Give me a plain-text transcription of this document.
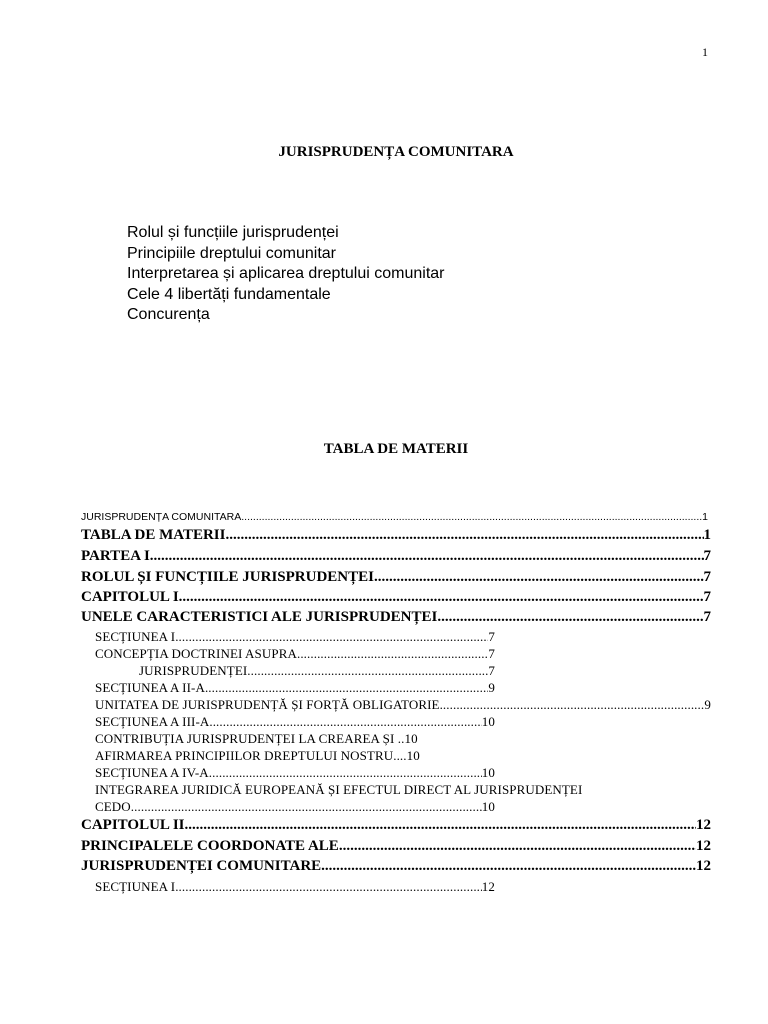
1
JURISPRUDENȚA COMUNITARA
Rolul și funcțiile jurisprudenței
Principiile dreptului comunitar
Interpretarea și aplicarea dreptului comunitar
Cele 4 libertăți fundamentale
Concurența
TABLA DE MATERII
JURISPRUDENȚA COMUNITARA .....	1
TABLA DE MATERII .....	1
PARTEA I .....	7
ROLUL ȘI FUNCȚIILE JURISPRUDENȚEI .....	7
CAPITOLUL I .....	7
UNELE CARACTERISTICI ALE JURISPRUDENȚEI .....	7
SECȚIUNEA I .....	7
CONCEPȚIA DOCTRINEI ASUPRA .....	7
JURISPRUDENȚEI .....	7
SECȚIUNEA A II-A .....	9
UNITATEA DE JURISPRUDENȚĂ ȘI FORȚĂ OBLIGATORIE .....	9
SECȚIUNEA A III-A .....	10
CONTRIBUȚIA JURISPRUDENȚEI LA CREAREA ȘI .. 10
AFIRMAREA PRINCIPIILOR DREPTULUI NOSTRU.... 10
SECȚIUNEA A IV-A .....	10
INTEGRAREA JURIDICĂ EUROPEANĂ ȘI EFECTUL DIRECT AL JURISPRUDENȚEI
CEDO .....	10
CAPITOLUL II .....	12
PRINCIPALELE COORDONATE ALE .....	12
JURISPRUDENȚEI COMUNITARE .....	12
SECȚIUNEA I .....	12
